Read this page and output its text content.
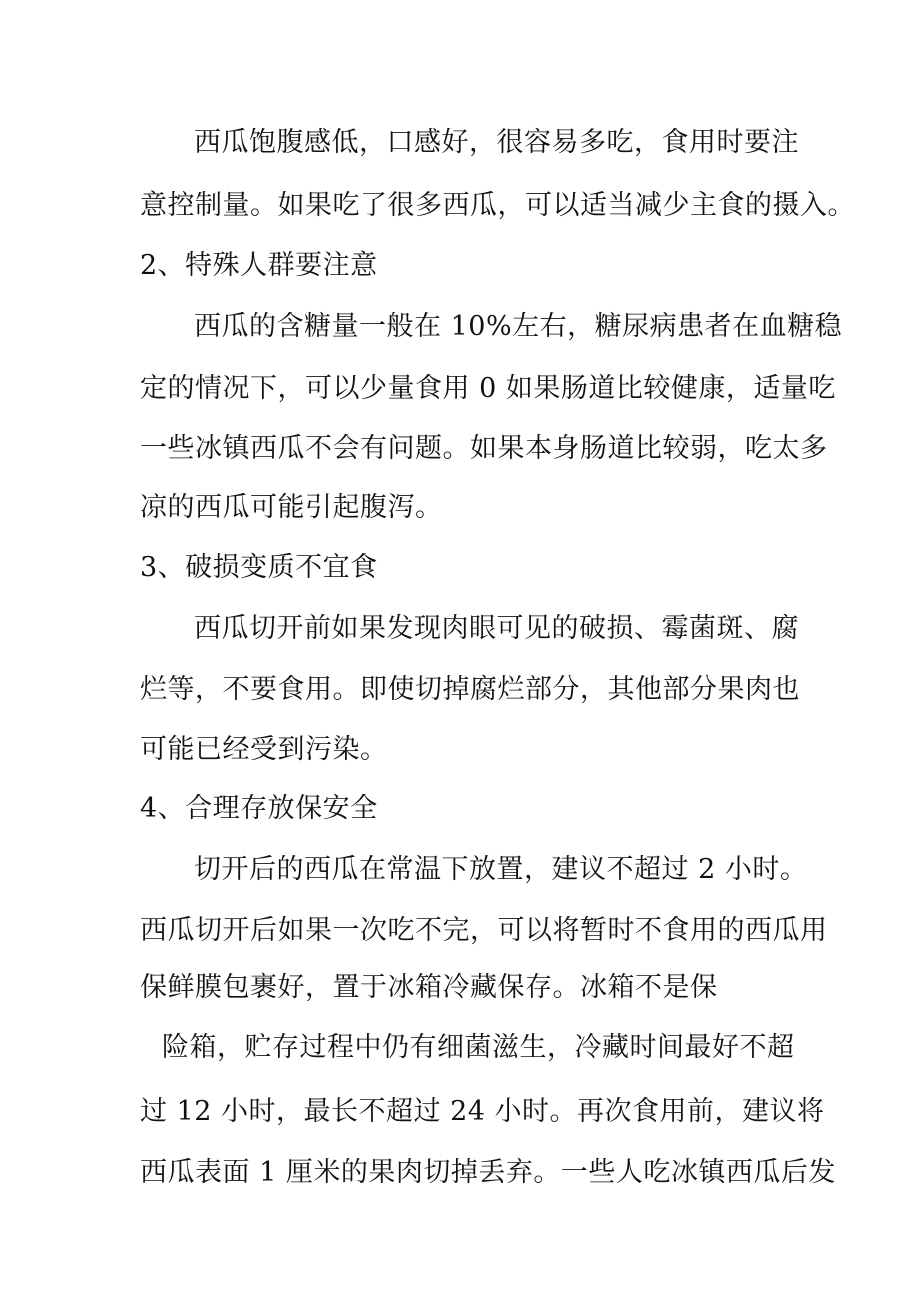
西瓜饱腹感低，口感好，很容易多吃，食用时要注
意控制量。如果吃了很多西瓜，可以适当减少主食的摄入。
2、特殊人群要注意
西瓜的含糖量一般在 10%左右，糖尿病患者在血糖稳
定的情况下，可以少量食用 0 如果肠道比较健康，适量吃
一些冰镇西瓜不会有问题。如果本身肠道比较弱，吃太多
凉的西瓜可能引起腹泻。
3、破损变质不宜食
西瓜切开前如果发现肉眼可见的破损、霉菌斑、腐
烂等，不要食用。即使切掉腐烂部分，其他部分果肉也
可能已经受到污染。
4、合理存放保安全
切开后的西瓜在常温下放置，建议不超过 2 小时。
西瓜切开后如果一次吃不完，可以将暂时不食用的西瓜用
保鲜膜包裹好，置于冰箱冷藏保存。冰箱不是保
险箱，贮存过程中仍有细菌滋生，冷藏时间最好不超
过 12 小时，最长不超过 24 小时。再次食用前，建议将
西瓜表面 1 厘米的果肉切掉丢弃。一些人吃冰镇西瓜后发
